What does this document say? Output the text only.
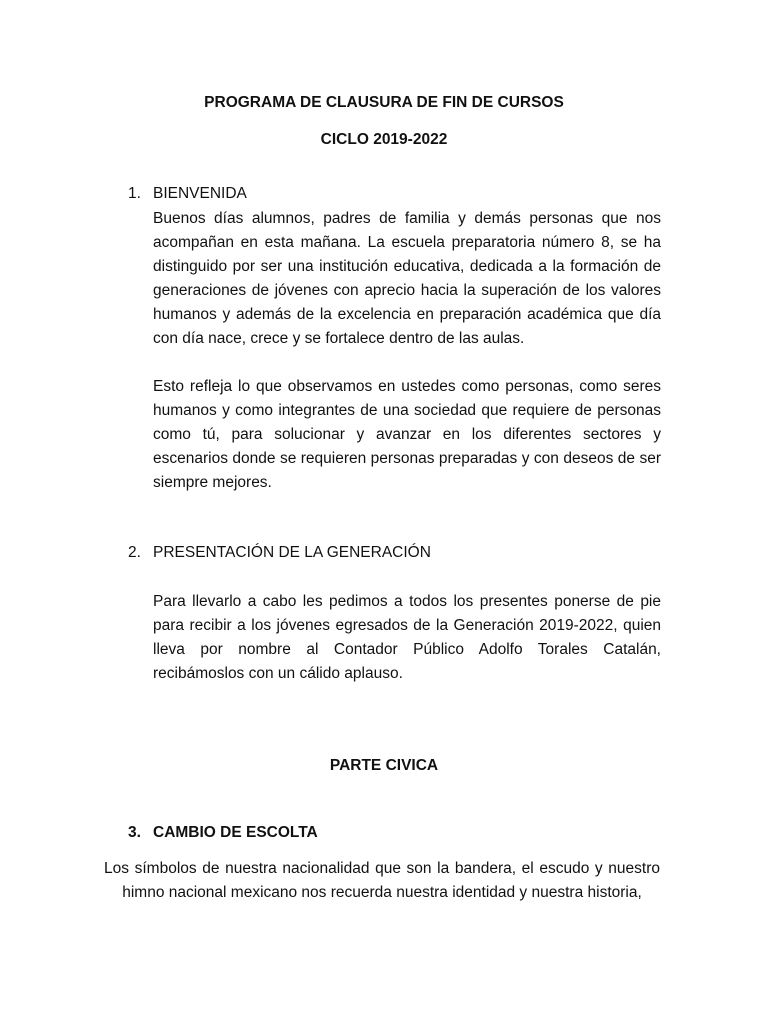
PROGRAMA DE CLAUSURA DE FIN DE CURSOS
CICLO 2019-2022
1. BIENVENIDA

Buenos días alumnos, padres de familia y demás personas que nos acompañan en esta mañana. La escuela preparatoria número 8, se ha distinguido por ser una institución educativa, dedicada a la formación de generaciones de jóvenes con aprecio hacia la superación de los valores humanos y además de la excelencia en preparación académica que día con día nace, crece y se fortalece dentro de las aulas.

Esto refleja lo que observamos en ustedes como personas, como seres humanos y como integrantes de una sociedad que requiere de personas como tú, para solucionar y avanzar en los diferentes sectores y escenarios donde se requieren personas preparadas y con deseos de ser siempre mejores.

2. PRESENTACIÓN DE LA GENERACIÓN

Para llevarlo a cabo les pedimos a todos los presentes ponerse de pie para recibir a los jóvenes egresados de la Generación 2019-2022, quien lleva por nombre al Contador Público Adolfo Torales Catalán, recibámoslos con un cálido aplauso.

PARTE CIVICA
3. CAMBIO DE ESCOLTA

Los símbolos de nuestra nacionalidad que son la bandera, el escudo y nuestro himno nacional mexicano nos recuerda nuestra identidad y nuestra historia,
